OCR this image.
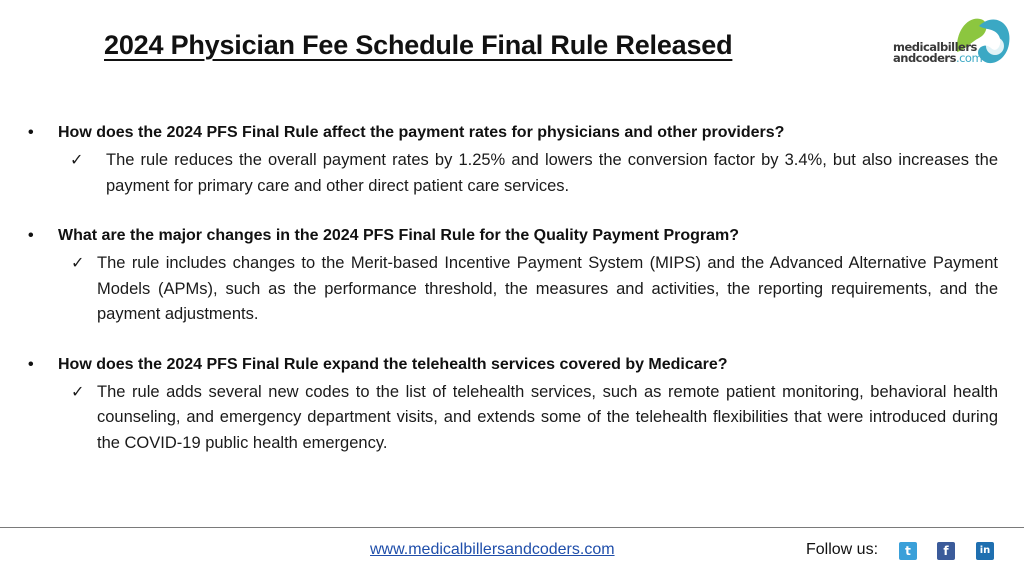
2024 Physician Fee Schedule Final Rule Released	medicalbillers
andcoders.com
• How does the 2024 PFS Final Rule affect the payment rates for physicians and other providers?
✓ The rule reduces the overall payment rates by 1.25% and lowers the conversion factor by 3.4%, but also increases the payment for primary care and other direct patient care services.
• What are the major changes in the 2024 PFS Final Rule for the Quality Payment Program?
✓ The rule includes changes to the Merit-based Incentive Payment System (MIPS) and the Advanced Alternative Payment Models (APMs), such as the performance threshold, the measures and activities, the reporting requirements, and the payment adjustments.
• How does the 2024 PFS Final Rule expand the telehealth services covered by Medicare?
✓ The rule adds several new codes to the list of telehealth services, such as remote patient monitoring, behavioral health counseling, and emergency department visits, and extends some of the telehealth flexibilities that were introduced during the COVID-19 public health emergency.
www.medicalbillersandcoders.com	Follow us:	t	f	in
